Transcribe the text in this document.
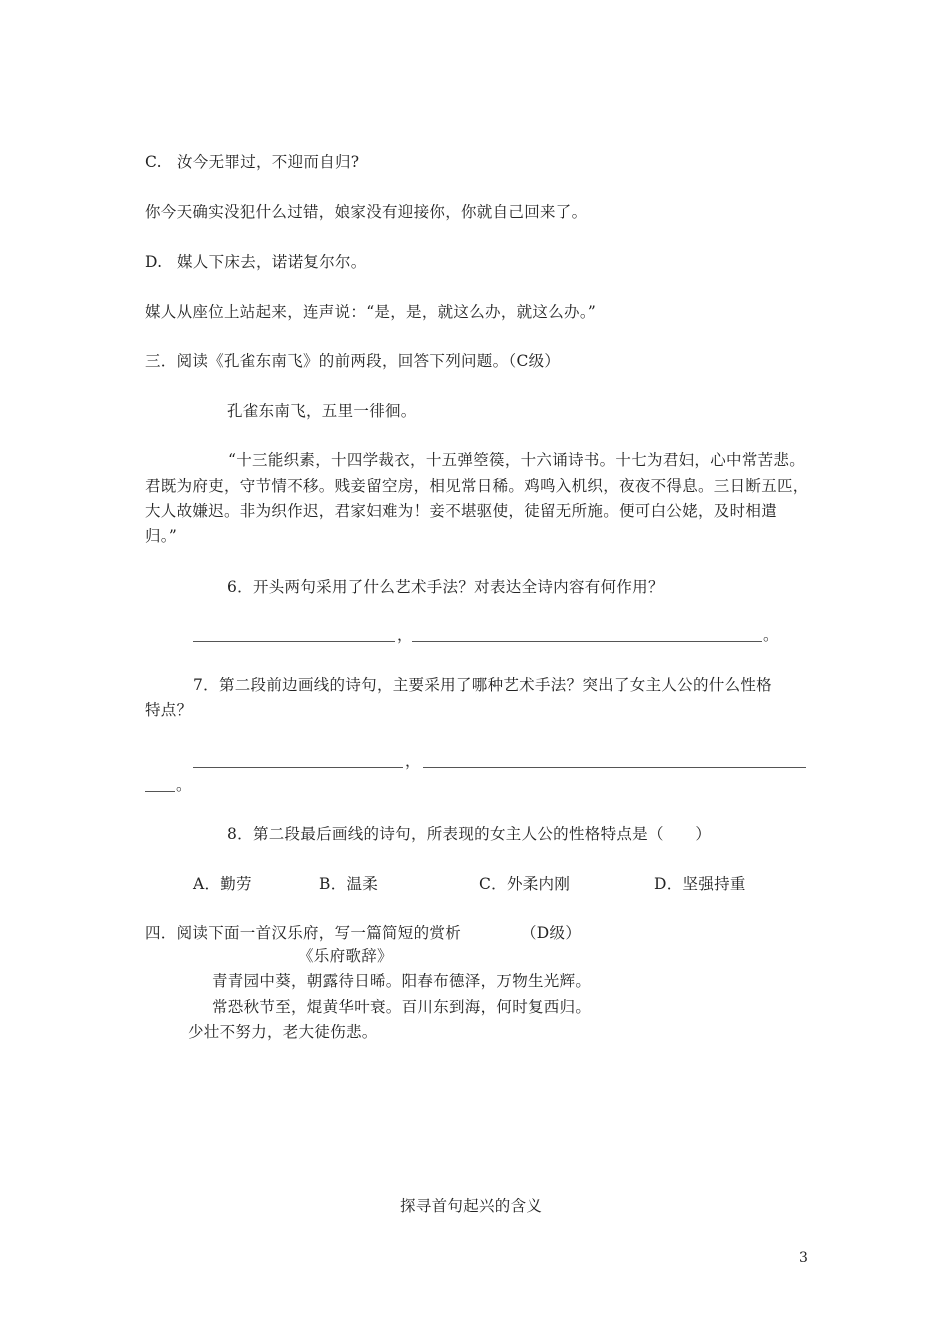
C. 汝今无罪过，不迎而自归?
你今天确实没犯什么过错，娘家没有迎接你，你就自己回来了。
D. 媒人下床去，诺诺复尔尔。
媒人从座位上站起来，连声说：“是，是，就这么办，就这么办。”
三．阅读《孔雀东南飞》的前两段，回答下列问题。（C级）
孔雀东南飞，五里一徘徊。
“十三能织素，十四学裁衣，十五弹箜篌，十六诵诗书。十七为君妇，心中常苦悲。
君既为府吏，守节情不移。贱妾留空房，相见常日稀。鸡鸣入机织，夜夜不得息。三日断五匹，
大人故嫌迟。非为织作迟，君家妇难为！妾不堪驱使，徒留无所施。便可白公姥，及时相遣
归。”
6．开头两句采用了什么艺术手法？对表达全诗内容有何作用？
，	。
7．第二段前边画线的诗句，主要采用了哪种艺术手法？突出了女主人公的什么性格
特点？
，
。
8．第二段最后画线的诗句，所表现的女主人公的性格特点是（　　）
A．勤劳	B．温柔	C．外柔内刚	D．坚强持重
四．阅读下面一首汉乐府，写一篇简短的赏析	（D级）
《乐府歌辞》
青青园中葵，朝露待日晞。阳春布德泽，万物生光辉。
常恐秋节至，焜黄华叶衰。百川东到海，何时复西归。
少壮不努力，老大徒伤悲。
探寻首句起兴的含义
3
